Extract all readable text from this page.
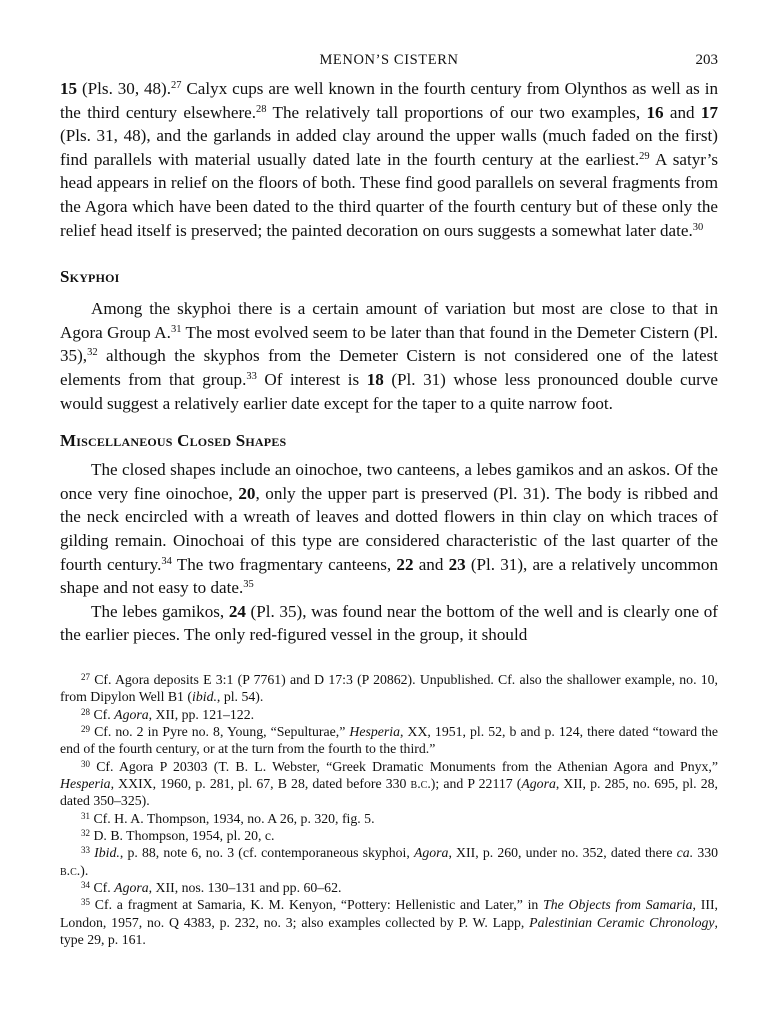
MENON’S CISTERN	203

15 (Pls. 30, 48).$^{27}$ Calyx cups are well known in the fourth century from Olynthos as well as in the third century elsewhere.$^{28}$ The relatively tall proportions of our two examples, 16 and 17 (Pls. 31, 48), and the garlands in added clay around the upper walls (much faded on the first) find parallels with material usually dated late in the fourth century at the earliest.$^{29}$ A satyr’s head appears in relief on the floors of both. These find good parallels on several fragments from the Agora which have been dated to the third quarter of the fourth century but of these only the relief head itself is preserved; the painted decoration on ours suggests a somewhat later date.$^{30}$

Skyphoi

Among the skyphoi there is a certain amount of variation but most are close to that in Agora Group A.$^{31}$ The most evolved seem to be later than that found in the Demeter Cistern (Pl. 35),$^{32}$ although the skyphos from the Demeter Cistern is not considered one of the latest elements from that group.$^{33}$ Of interest is 18 (Pl. 31) whose less pronounced double curve would suggest a relatively earlier date except for the taper to a quite narrow foot.

Miscellaneous Closed Shapes

The closed shapes include an oinochoe, two canteens, a lebes gamikos and an askos. Of the once very fine oinochoe, 20, only the upper part is preserved (Pl. 31). The body is ribbed and the neck encircled with a wreath of leaves and dotted flowers in thin clay on which traces of gilding remain. Oinochoai of this type are considered characteristic of the last quarter of the fourth century.$^{34}$ The two fragmentary canteens, 22 and 23 (Pl. 31), are a relatively uncommon shape and not easy to date.$^{35}$

The lebes gamikos, 24 (Pl. 35), was found near the bottom of the well and is clearly one of the earlier pieces. The only red-figured vessel in the group, it should

$^{27}$ Cf. Agora deposits E 3:1 (P 7761) and D 17:3 (P 20862). Unpublished. Cf. also the shallower example, no. 10, from Dipylon Well B1 (ibid., pl. 54).

$^{28}$ Cf. Agora, XII, pp. 121–122.

$^{29}$ Cf. no. 2 in Pyre no. 8, Young, “Sepulturae,” Hesperia, XX, 1951, pl. 52, b and p. 124, there dated “toward the end of the fourth century, or at the turn from the fourth to the third.”

$^{30}$ Cf. Agora P 20303 (T. B. L. Webster, “Greek Dramatic Monuments from the Athenian Agora and Pnyx,” Hesperia, XXIX, 1960, p. 281, pl. 67, B 28, dated before 330 b.c.); and P 22117 (Agora, XII, p. 285, no. 695, pl. 28, dated 350–325).

$^{31}$ Cf. H. A. Thompson, 1934, no. A 26, p. 320, fig. 5.

$^{32}$ D. B. Thompson, 1954, pl. 20, c.

$^{33}$ Ibid., p. 88, note 6, no. 3 (cf. contemporaneous skyphoi, Agora, XII, p. 260, under no. 352, dated there ca. 330 b.c.).

$^{34}$ Cf. Agora, XII, nos. 130–131 and pp. 60–62.

$^{35}$ Cf. a fragment at Samaria, K. M. Kenyon, “Pottery: Hellenistic and Later,” in The Objects from Samaria, III, London, 1957, no. Q 4383, p. 232, no. 3; also examples collected by P. W. Lapp, Palestinian Ceramic Chronology, type 29, p. 161.
